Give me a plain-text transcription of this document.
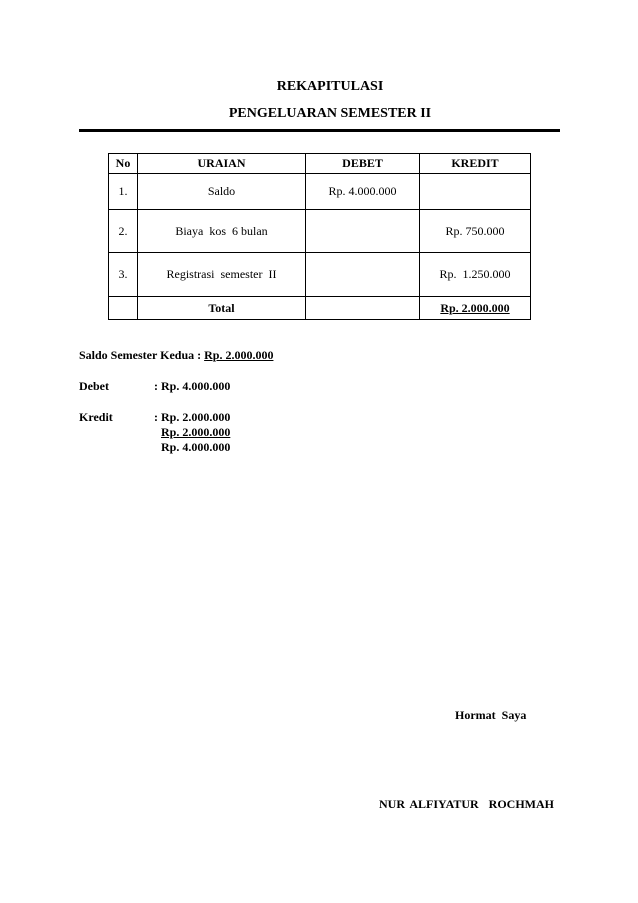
REKAPITULASI
PENGELUARAN SEMESTER II
No	URAIAN	DEBET	KREDIT
1.	Saldo	Rp. 4.000.000	
2.	Biaya  kos  6 bulan		Rp. 750.000
3.	Registrasi  semester  II		Rp.  1.250.000
	Total		Rp. 2.000.000
Saldo Semester Kedua : Rp. 2.000.000
Debet	: Rp. 4.000.000
Kredit	: Rp. 2.000.000
Rp. 2.000.000
Rp. 4.000.000
Hormat  Saya
NUR ALFIYATUR  ROCHMAH
